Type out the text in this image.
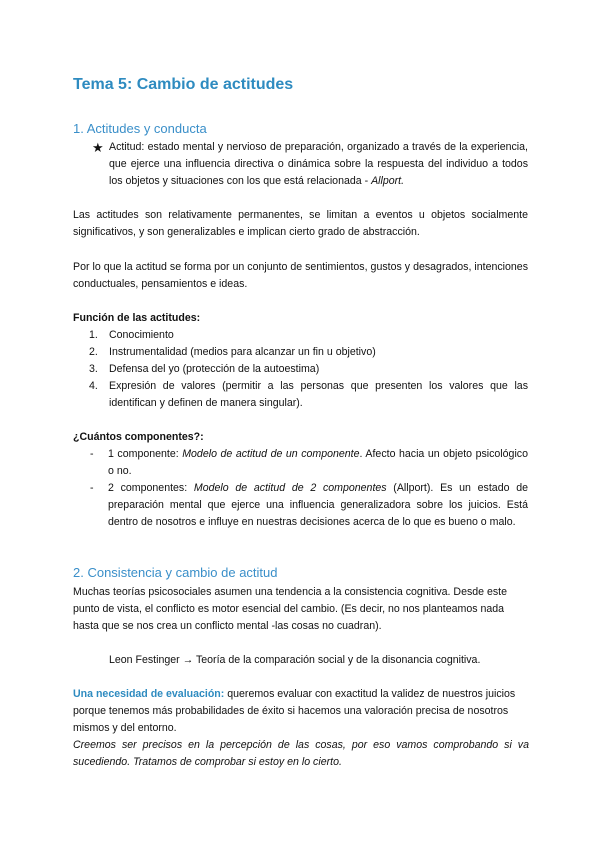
Tema 5: Cambio de actitudes
1. Actitudes y conducta
★ Actitud: estado mental y nervioso de preparación, organizado a través de la experiencia, que ejerce una influencia directiva o dinámica sobre la respuesta del individuo a todos los objetos y situaciones con los que está relacionada - Allport.

Las actitudes son relativamente permanentes, se limitan a eventos u objetos socialmente significativos, y son generalizables e implican cierto grado de abstracción.

Por lo que la actitud se forma por un conjunto de sentimientos, gustos y desagrados, intenciones conductuales, pensamientos e ideas.

Función de las actitudes:

1. Conocimiento
2. Instrumentalidad (medios para alcanzar un fin u objetivo)
3. Defensa del yo (protección de la autoestima)
4. Expresión de valores (permitir a las personas que presenten los valores que las identifican y definen de manera singular).

¿Cuántos componentes?:

- 1 componente: Modelo de actitud de un componente. Afecto hacia un objeto psicológico o no.
- 2 componentes: Modelo de actitud de 2 componentes (Allport). Es un estado de preparación mental que ejerce una influencia generalizadora sobre los juicios. Está dentro de nosotros e influye en nuestras decisiones acerca de lo que es bueno o malo.
2. Consistencia y cambio de actitud

Muchas teorías psicosociales asumen una tendencia a la consistencia cognitiva. Desde este punto de vista, el conflicto es motor esencial del cambio. (Es decir, no nos planteamos nada hasta que se nos crea un conflicto mental -las cosas no cuadran).

Leon Festinger → Teoría de la comparación social y de la disonancia cognitiva.

Una necesidad de evaluación: queremos evaluar con exactitud la validez de nuestros juicios porque tenemos más probabilidades de éxito si hacemos una valoración precisa de nosotros mismos y del entorno.

Creemos ser precisos en la percepción de las cosas, por eso vamos comprobando si va sucediendo. Tratamos de comprobar si estoy en lo cierto.
